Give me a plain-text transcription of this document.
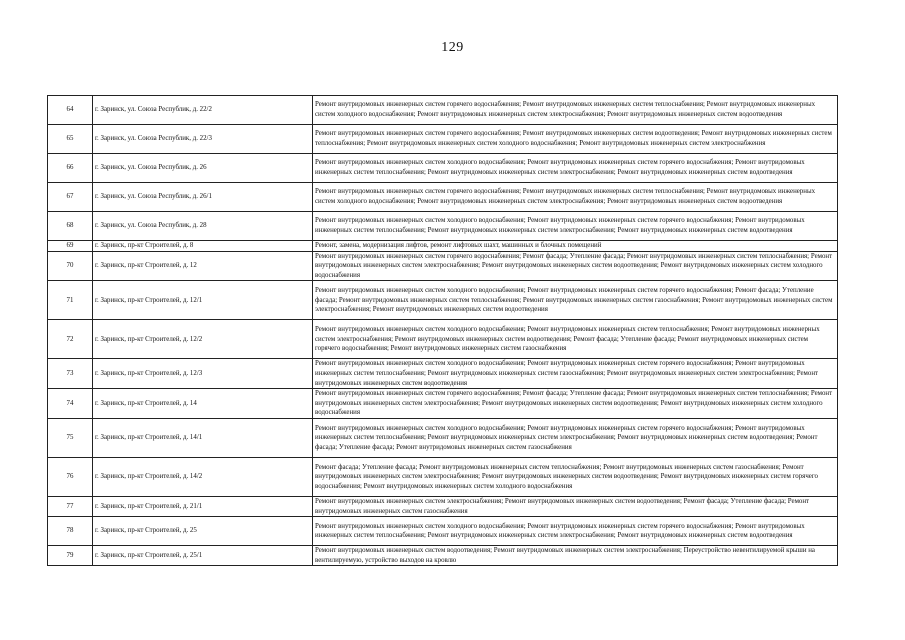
129
64	г. Заринск, ул. Союза Республик, д. 22/2	Ремонт внутридомовых инженерных систем горячего водоснабжения; Ремонт внутридомовых инженерных систем теплоснабжения; Ремонт внутридомовых инженерных систем холодного водоснабжения; Ремонт внутридомовых инженерных систем электроснабжения; Ремонт внутридомовых инженерных систем водоотведения
65	г. Заринск, ул. Союза Республик, д. 22/3	Ремонт внутридомовых инженерных систем горячего водоснабжения; Ремонт внутридомовых инженерных систем водоотведения; Ремонт внутридомовых инженерных систем теплоснабжения; Ремонт внутридомовых инженерных систем холодного водоснабжения; Ремонт внутридомовых инженерных систем электроснабжения
66	г. Заринск, ул. Союза Республик, д. 26	Ремонт внутридомовых инженерных систем холодного водоснабжения; Ремонт внутридомовых инженерных систем горячего водоснабжения; Ремонт внутридомовых инженерных систем теплоснабжения; Ремонт внутридомовых инженерных систем электроснабжения; Ремонт внутридомовых инженерных систем водоотведения
67	г. Заринск, ул. Союза Республик, д. 26/1	Ремонт внутридомовых инженерных систем горячего водоснабжения; Ремонт внутридомовых инженерных систем теплоснабжения; Ремонт внутридомовых инженерных систем холодного водоснабжения; Ремонт внутридомовых инженерных систем электроснабжения; Ремонт внутридомовых инженерных систем водоотведения
68	г. Заринск, ул. Союза Республик, д. 28	Ремонт внутридомовых инженерных систем холодного водоснабжения; Ремонт внутридомовых инженерных систем горячего водоснабжения; Ремонт внутридомовых инженерных систем теплоснабжения; Ремонт внутридомовых инженерных систем электроснабжения; Ремонт внутридомовых инженерных систем водоотведения
69	г. Заринск, пр-кт Строителей, д. 8	Ремонт, замена, модернизация лифтов, ремонт лифтовых шахт, машинных и блочных помещений
70	г. Заринск, пр-кт Строителей, д. 12	Ремонт внутридомовых инженерных систем горячего водоснабжения; Ремонт фасада; Утепление фасада; Ремонт внутридомовых инженерных систем теплоснабжения; Ремонт внутридомовых инженерных систем электроснабжения; Ремонт внутридомовых инженерных систем водоотведения; Ремонт внутридомовых инженерных систем холодного водоснабжения
71	г. Заринск, пр-кт Строителей, д. 12/1	Ремонт внутридомовых инженерных систем холодного водоснабжения; Ремонт внутридомовых инженерных систем горячего водоснабжения; Ремонт фасада; Утепление фасада; Ремонт внутридомовых инженерных систем теплоснабжения; Ремонт внутридомовых инженерных систем газоснабжения; Ремонт внутридомовых инженерных систем электроснабжения; Ремонт внутридомовых инженерных систем водоотведения
72	г. Заринск, пр-кт Строителей, д. 12/2	Ремонт внутридомовых инженерных систем холодного водоснабжения; Ремонт внутридомовых инженерных систем теплоснабжения; Ремонт внутридомовых инженерных систем электроснабжения; Ремонт внутридомовых инженерных систем водоотведения; Ремонт фасада; Утепление фасада; Ремонт внутридомовых инженерных систем горячего водоснабжения; Ремонт внутридомовых инженерных систем газоснабжения
73	г. Заринск, пр-кт Строителей, д. 12/3	Ремонт внутридомовых инженерных систем холодного водоснабжения; Ремонт внутридомовых инженерных систем горячего водоснабжения; Ремонт внутридомовых инженерных систем теплоснабжения; Ремонт внутридомовых инженерных систем газоснабжения; Ремонт внутридомовых инженерных систем электроснабжения; Ремонт внутридомовых инженерных систем водоотведения
74	г. Заринск, пр-кт Строителей, д. 14	Ремонт внутридомовых инженерных систем горячего водоснабжения; Ремонт фасада; Утепление фасада; Ремонт внутридомовых инженерных систем теплоснабжения; Ремонт внутридомовых инженерных систем электроснабжения; Ремонт внутридомовых инженерных систем водоотведения; Ремонт внутридомовых инженерных систем холодного водоснабжения
75	г. Заринск, пр-кт Строителей, д. 14/1	Ремонт внутридомовых инженерных систем холодного водоснабжения; Ремонт внутридомовых инженерных систем горячего водоснабжения; Ремонт внутридомовых инженерных систем теплоснабжения; Ремонт внутридомовых инженерных систем электроснабжения; Ремонт внутридомовых инженерных систем водоотведения; Ремонт фасада; Утепление фасада; Ремонт внутридомовых инженерных систем газоснабжения
76	г. Заринск, пр-кт Строителей, д. 14/2	Ремонт фасада; Утепление фасада; Ремонт внутридомовых инженерных систем теплоснабжения; Ремонт внутридомовых инженерных систем газоснабжения; Ремонт внутридомовых инженерных систем электроснабжения; Ремонт внутридомовых инженерных систем водоотведения; Ремонт внутридомовых инженерных систем горячего водоснабжения; Ремонт внутридомовых инженерных систем холодного водоснабжения
77	г. Заринск, пр-кт Строителей, д. 21/1	Ремонт внутридомовых инженерных систем электроснабжения; Ремонт внутридомовых инженерных систем водоотведения; Ремонт фасада; Утепление фасада; Ремонт внутридомовых инженерных систем газоснабжения
78	г. Заринск, пр-кт Строителей, д. 25	Ремонт внутридомовых инженерных систем холодного водоснабжения; Ремонт внутридомовых инженерных систем горячего водоснабжения; Ремонт внутридомовых инженерных систем теплоснабжения; Ремонт внутридомовых инженерных систем электроснабжения; Ремонт внутридомовых инженерных систем водоотведения
79	г. Заринск, пр-кт Строителей, д. 25/1	Ремонт внутридомовых инженерных систем водоотведения; Ремонт внутридомовых инженерных систем электроснабжения; Переустройство невентилируемой крыши на вентилируемую, устройство выходов на кровлю
